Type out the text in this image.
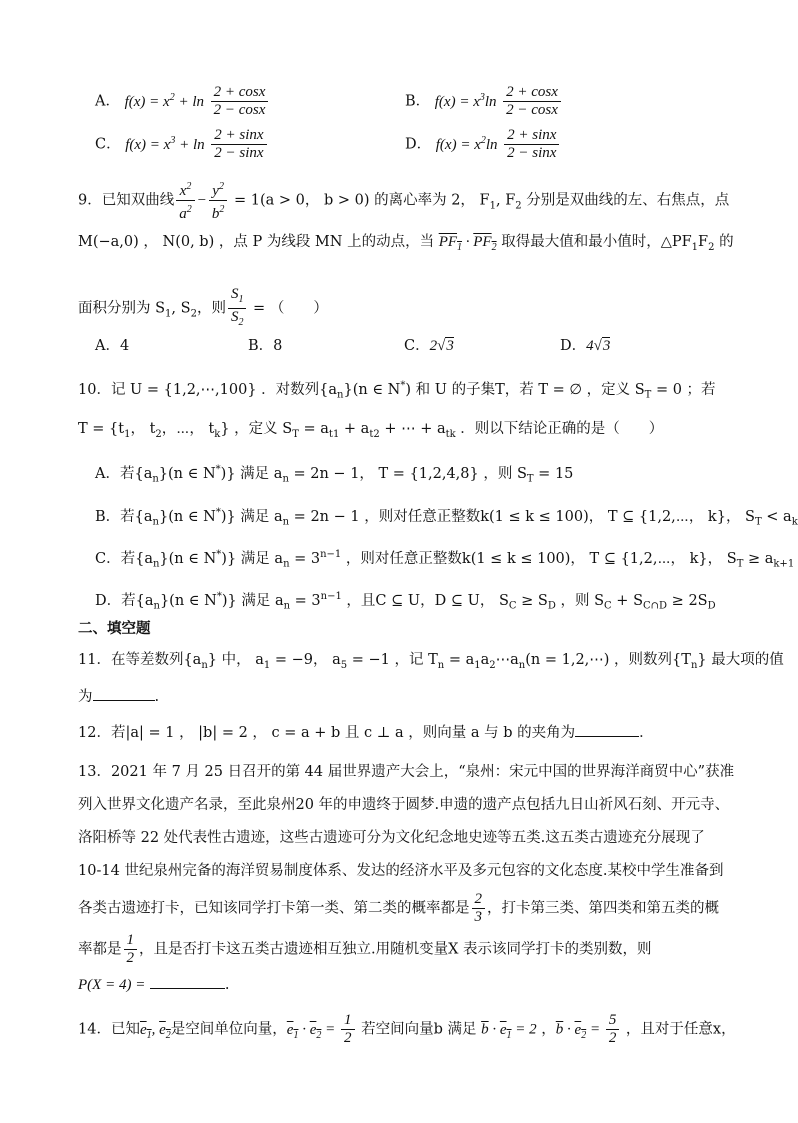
A． $f(x) = x^2 + \ln \frac{2 + \cos x}{2 - \cos x}$	B． $f(x) = x^3\ln \frac{2 + \cos x}{2 - \cos x}$
C． $f(x) = x^3 + \ln \frac{2 + \sin x}{2 - \sin x}$	D． $f(x) = x^2\ln \frac{2 + \sin x}{2 - \sin x}$
9．已知双曲线 $\frac{x^2}{a^2} - \frac{y^2}{b^2} = 1(a > 0$， b > 0) 的离心率为 2， $F_1$, $F_2$ 分别是双曲线的左、右焦点，点
M(−a,0) ， N(0, b) ，点 P 为线段 MN 上的动点，当 $PF_1 \cdot PF_2$ 取得最大值和最小值时，$\triangle PF_1F_2$ 的
面积分别为 $S_1$, $S_2$，则 $\frac{S_1}{S_2}$ = （　　）
A．4	B．8	C．2√3	D．4√3
10．记 U = {1,2,⋯,100} ．对数列$\{a_n\}(n$ ∈ N*) 和 U 的子集T，若 T = ∅ ，定义 $S_T = 0$ ；若
$T = \{t_1$， $t_2$，⋯， $t_k$} ，定义 $S_T = a_{t1} + a_{t2}$ + ⋯ + $a_{tk}$ ．则以下结论正确的是（　　）
A．若$\{a_n\}(n$ ∈ N*)} 满足 $a_n = 2n - 1$， T = {1,2,4,8} ，则 $S_T = 15$
B．若$\{a_n\}(n$ ∈ N*)} 满足 $a_n = 2n - 1$ ，则对任意正整数k(1 ≤ k ≤ 100)， T ⊆ {1,2,⋯， k}， $S_T < a_k$
C．若$\{a_n\}(n$ ∈ N*)} 满足 $a_n = 3^{n-1}$ ，则对任意正整数k(1 ≤ k ≤ 100)， T ⊆ {1,2,⋯， k}， $S_T \ge a_{k+1}$
D．若$\{a_n\}(n$ ∈ N*)} 满足 $a_n = 3^{n-1}$ ，且C ⊆ U，D ⊆ U， $S_C \ge S_D$ ，则 $S_C + S_{C\cap D} \ge 2S_D$
二、填空题
11．在等差数列$\{a_n\}$ 中， $a_1 = -9$， $a_5 = -1$ ，记 $T_n$ = $a_1a_2\cdots a_n(n$ = 1,2,⋯) ，则数列$\{T_n\}$ 最大项的值
为	.
12．若|a| = 1 ， |b| = 2 ， c = a + b 且 c ⊥ a ，则向量 a 与 b 的夹角为	．
13．2021 年 7 月 25 日召开的第 44 届世界遗产大会上，“泉州：宋元中国的世界海洋商贸中心”获准
列入世界文化遗产名录，至此泉州20 年的申遗终于圆梦.申遗的遗产点包括九日山祈风石刻、开元寺、
洛阳桥等 22 处代表性古遗迹，这些古遗迹可分为文化纪念地史迹等五类.这五类古遗迹充分展现了
10-14 世纪泉州完备的海洋贸易制度体系、发达的经济水平及多元包容的文化态度.某校中学生准备到
各类古遗迹打卡，已知该同学打卡第一类、第二类的概率都是 $\frac{2}{3}$ ，打卡第三类、第四类和第五类的概
率都是 $\frac{1}{2}$ ，且是否打卡这五类古遗迹相互独立.用随机变量X 表示该同学打卡的类别数，则
P(X = 4) =	.
14．已知$e_1$, $e_2$是空间单位向量，$e_1 \cdot e_2 = \frac{1}{2}$ 若空间向量b 满足 $\overline{b} \cdot e_1 = 2$ ，$\overline{b} \cdot e_2 = \frac{5}{2}$ ，且对于任意x，
